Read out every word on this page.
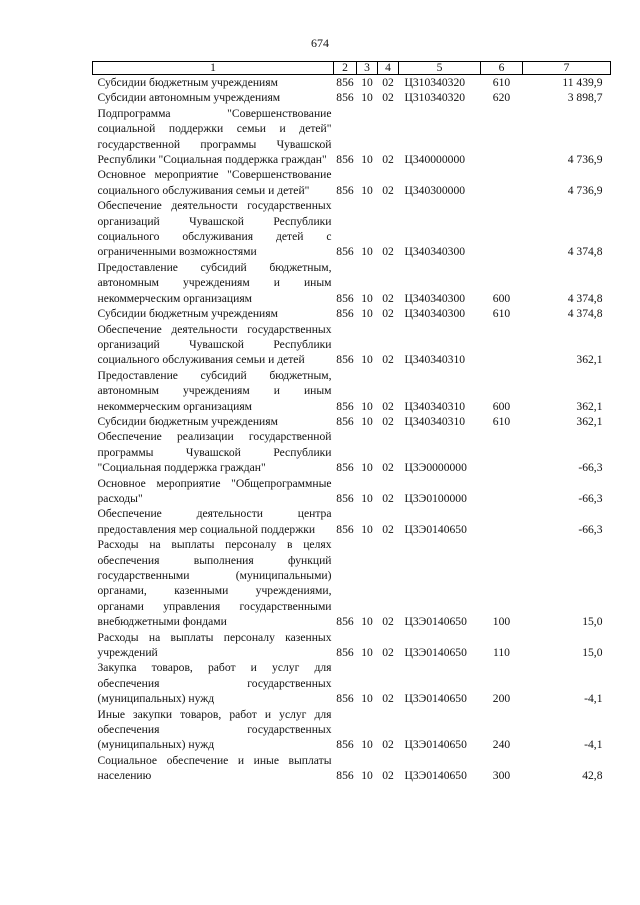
674
1	2	3	4	5	6	7
Субсидии бюджетным учреждениям	856	10	02	Ц310340320	610	11 439,9
Субсидии автономным учреждениям	856	10	02	Ц310340320	620	3 898,7
Подпрограмма "Совершенствование социальной поддержки семьи и детей" государственной программы Чувашской Республики "Социальная поддержка граждан"	856	10	02	Ц340000000		4 736,9
Основное мероприятие "Совершенствование социального обслуживания семьи и детей"	856	10	02	Ц340300000		4 736,9
Обеспечение деятельности государственных организаций Чувашской Республики социального обслуживания детей с ограниченными возможностями	856	10	02	Ц340340300		4 374,8
Предоставление субсидий бюджетным, автономным учреждениям и иным некоммерческим организациям	856	10	02	Ц340340300	600	4 374,8
Субсидии бюджетным учреждениям	856	10	02	Ц340340300	610	4 374,8
Обеспечение деятельности государственных организаций Чувашской Республики социального обслуживания семьи и детей	856	10	02	Ц340340310		362,1
Предоставление субсидий бюджетным, автономным учреждениям и иным некоммерческим организациям	856	10	02	Ц340340310	600	362,1
Субсидии бюджетным учреждениям	856	10	02	Ц340340310	610	362,1
Обеспечение реализации государственной программы Чувашской Республики "Социальная поддержка граждан"	856	10	02	Ц3Э0000000		-66,3
Основное мероприятие "Общепрограммные расходы"	856	10	02	Ц3Э0100000		-66,3
Обеспечение деятельности центра предоставления мер социальной поддержки	856	10	02	Ц3Э0140650		-66,3
Расходы на выплаты персоналу в целях обеспечения выполнения функций государственными (муниципальными) органами, казенными учреждениями, органами управления государственными внебюджетными фондами	856	10	02	Ц3Э0140650	100	15,0
Расходы на выплаты персоналу казенных учреждений	856	10	02	Ц3Э0140650	110	15,0
Закупка товаров, работ и услуг для обеспечения государственных (муниципальных) нужд	856	10	02	Ц3Э0140650	200	-4,1
Иные закупки товаров, работ и услуг для обеспечения государственных (муниципальных) нужд	856	10	02	Ц3Э0140650	240	-4,1
Социальное обеспечение и иные выплаты населению	856	10	02	Ц3Э0140650	300	42,8
